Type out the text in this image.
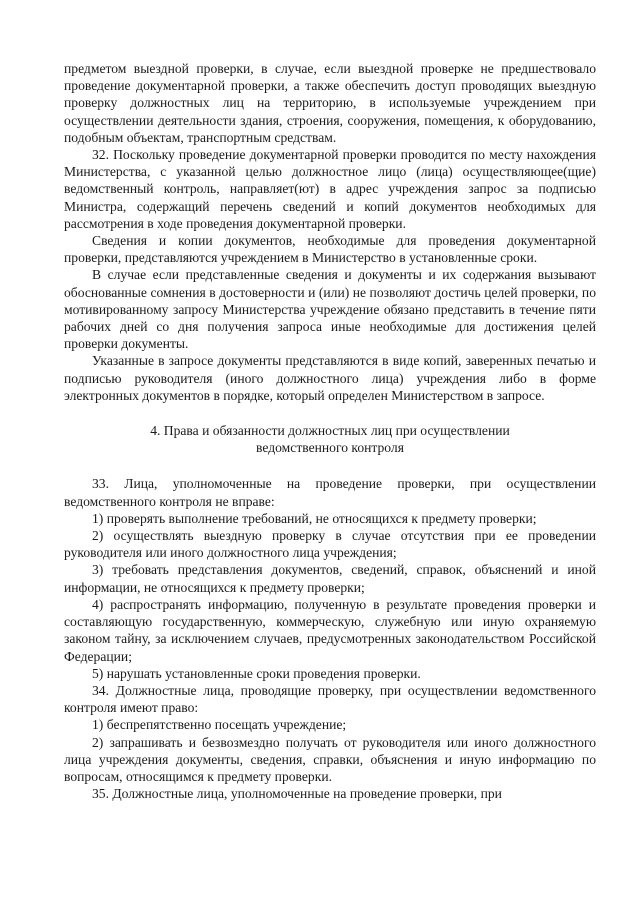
предметом выездной проверки, в случае, если выездной проверке не предшествовало проведение документарной проверки, а также обеспечить доступ проводящих выездную проверку должностных лиц на территорию, в используемые учреждением при осуществлении деятельности здания, строения, сооружения, помещения, к оборудованию, подобным объектам, транспортным средствам.

32. Поскольку проведение документарной проверки проводится по месту нахождения Министерства, с указанной целью должностное лицо (лица) осуществляющее(щие) ведомственный контроль, направляет(ют) в адрес учреждения запрос за подписью Министра, содержащий перечень сведений и копий документов необходимых для рассмотрения в ходе проведения документарной проверки.

Сведения и копии документов, необходимые для проведения документарной проверки, представляются учреждением в Министерство в установленные сроки.

В случае если представленные сведения и документы и их содержания вызывают обоснованные сомнения в достоверности и (или) не позволяют достичь целей проверки, по мотивированному запросу Министерства учреждение обязано представить в течение пяти рабочих дней со дня получения запроса иные необходимые для достижения целей проверки документы.

Указанные в запросе документы представляются в виде копий, заверенных печатью и подписью руководителя (иного должностного лица) учреждения либо в форме электронных документов в порядке, который определен Министерством в запросе.

4. Права и обязанности должностных лиц при осуществлении
ведомственного контроля

33. Лица, уполномоченные на проведение проверки, при осуществлении ведомственного контроля не вправе:

1) проверять выполнение требований, не относящихся к предмету проверки;

2) осуществлять выездную проверку в случае отсутствия при ее проведении руководителя или иного должностного лица учреждения;

3) требовать представления документов, сведений, справок, объяснений и иной информации, не относящихся к предмету проверки;

4) распространять информацию, полученную в результате проведения проверки и составляющую государственную, коммерческую, служебную или иную охраняемую законом тайну, за исключением случаев, предусмотренных законодательством Российской Федерации;

5) нарушать установленные сроки проведения проверки.

34. Должностные лица, проводящие проверку, при осуществлении ведомственного контроля имеют право:

1) беспрепятственно посещать учреждение;

2) запрашивать и безвозмездно получать от руководителя или иного должностного лица учреждения документы, сведения, справки, объяснения и иную информацию по вопросам, относящимся к предмету проверки.

35. Должностные лица, уполномоченные на проведение проверки, при
